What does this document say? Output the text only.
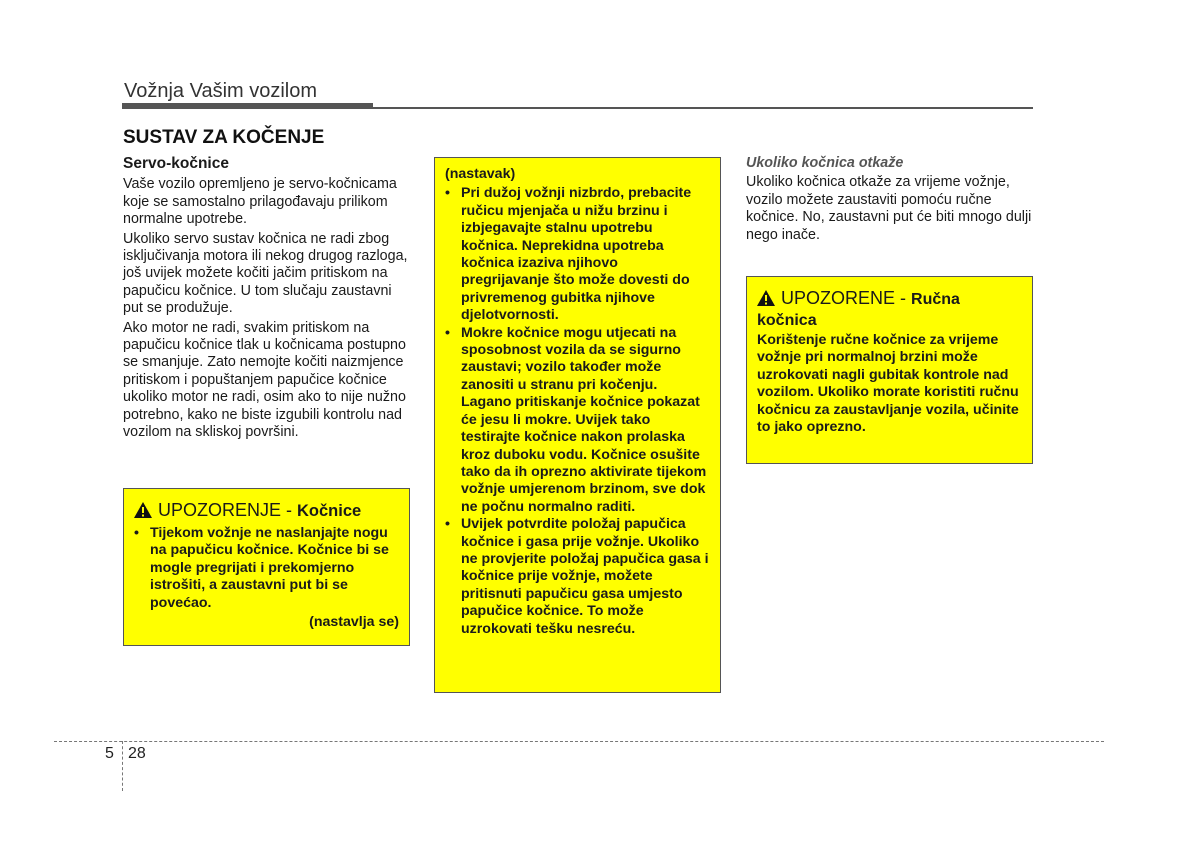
Vožnja Vašim vozilom
SUSTAV ZA KOČENJE

Servo-kočnice

Vaše vozilo opremljeno je servo-kočnicama koje se samostalno prilagođavaju prilikom normalne upotrebe.

Ukoliko servo sustav kočnica ne radi zbog isključivanja motora ili nekog drugog razloga, još uvijek možete kočiti jačim pritiskom na papučicu kočnice. U tom slučaju zaustavni put se produžuje.

Ako motor ne radi, svakim pritiskom na papučicu kočnice tlak u kočnicama postupno se smanjuje. Zato nemojte kočiti naizmjence pritiskom i popuštanjem papučice kočnice ukoliko motor ne radi, osim ako to nije nužno potrebno, kako ne biste izgubili kontrolu nad vozilom na skliskoj površini.

UPOZORENJE - Kočnice
• Tijekom vožnje ne naslanjajte nogu na papučicu kočnice. Kočnice bi se mogle pregrijati i prekomjerno istrošiti, a zaustavni put bi se povećao.
(nastavlja se)
(nastavak)
• Pri dužoj vožnji nizbrdo, prebacite ručicu mjenjača u nižu brzinu i izbjegavajte stalnu upotrebu kočnica. Neprekidna upotreba kočnica izaziva njihovo pregrijavanje što može dovesti do privremenog gubitka njihove djelotvornosti.
• Mokre kočnice mogu utjecati na sposobnost vozila da se sigurno zaustavi; vozilo također može zanositi u stranu pri kočenju. Lagano pritiskanje kočnice pokazat će jesu li mokre. Uvijek tako testirajte kočnice nakon prolaska kroz duboku vodu. Kočnice osušite tako da ih oprezno aktivirate tijekom vožnje umjerenom brzinom, sve dok ne počnu normalno raditi.
• Uvijek potvrdite položaj papučica kočnice i gasa prije vožnje. Ukoliko ne provjerite položaj papučica gasa i kočnice prije vožnje, možete pritisnuti papučicu gasa umjesto papučice kočnice. To može uzrokovati tešku nesreću.

Ukoliko kočnica otkaže

Ukoliko kočnica otkaže za vrijeme vožnje, vozilo možete zaustaviti pomoću ručne kočnice. No, zaustavni put će biti mnogo dulji nego inače.

UPOZORENE - Ručna kočnica

Korištenje ručne kočnice za vrijeme vožnje pri normalnoj brzini može uzrokovati nagli gubitak kontrole nad vozilom. Ukoliko morate koristiti ručnu kočnicu za zaustavljanje vozila, učinite to jako oprezno.

5 28
